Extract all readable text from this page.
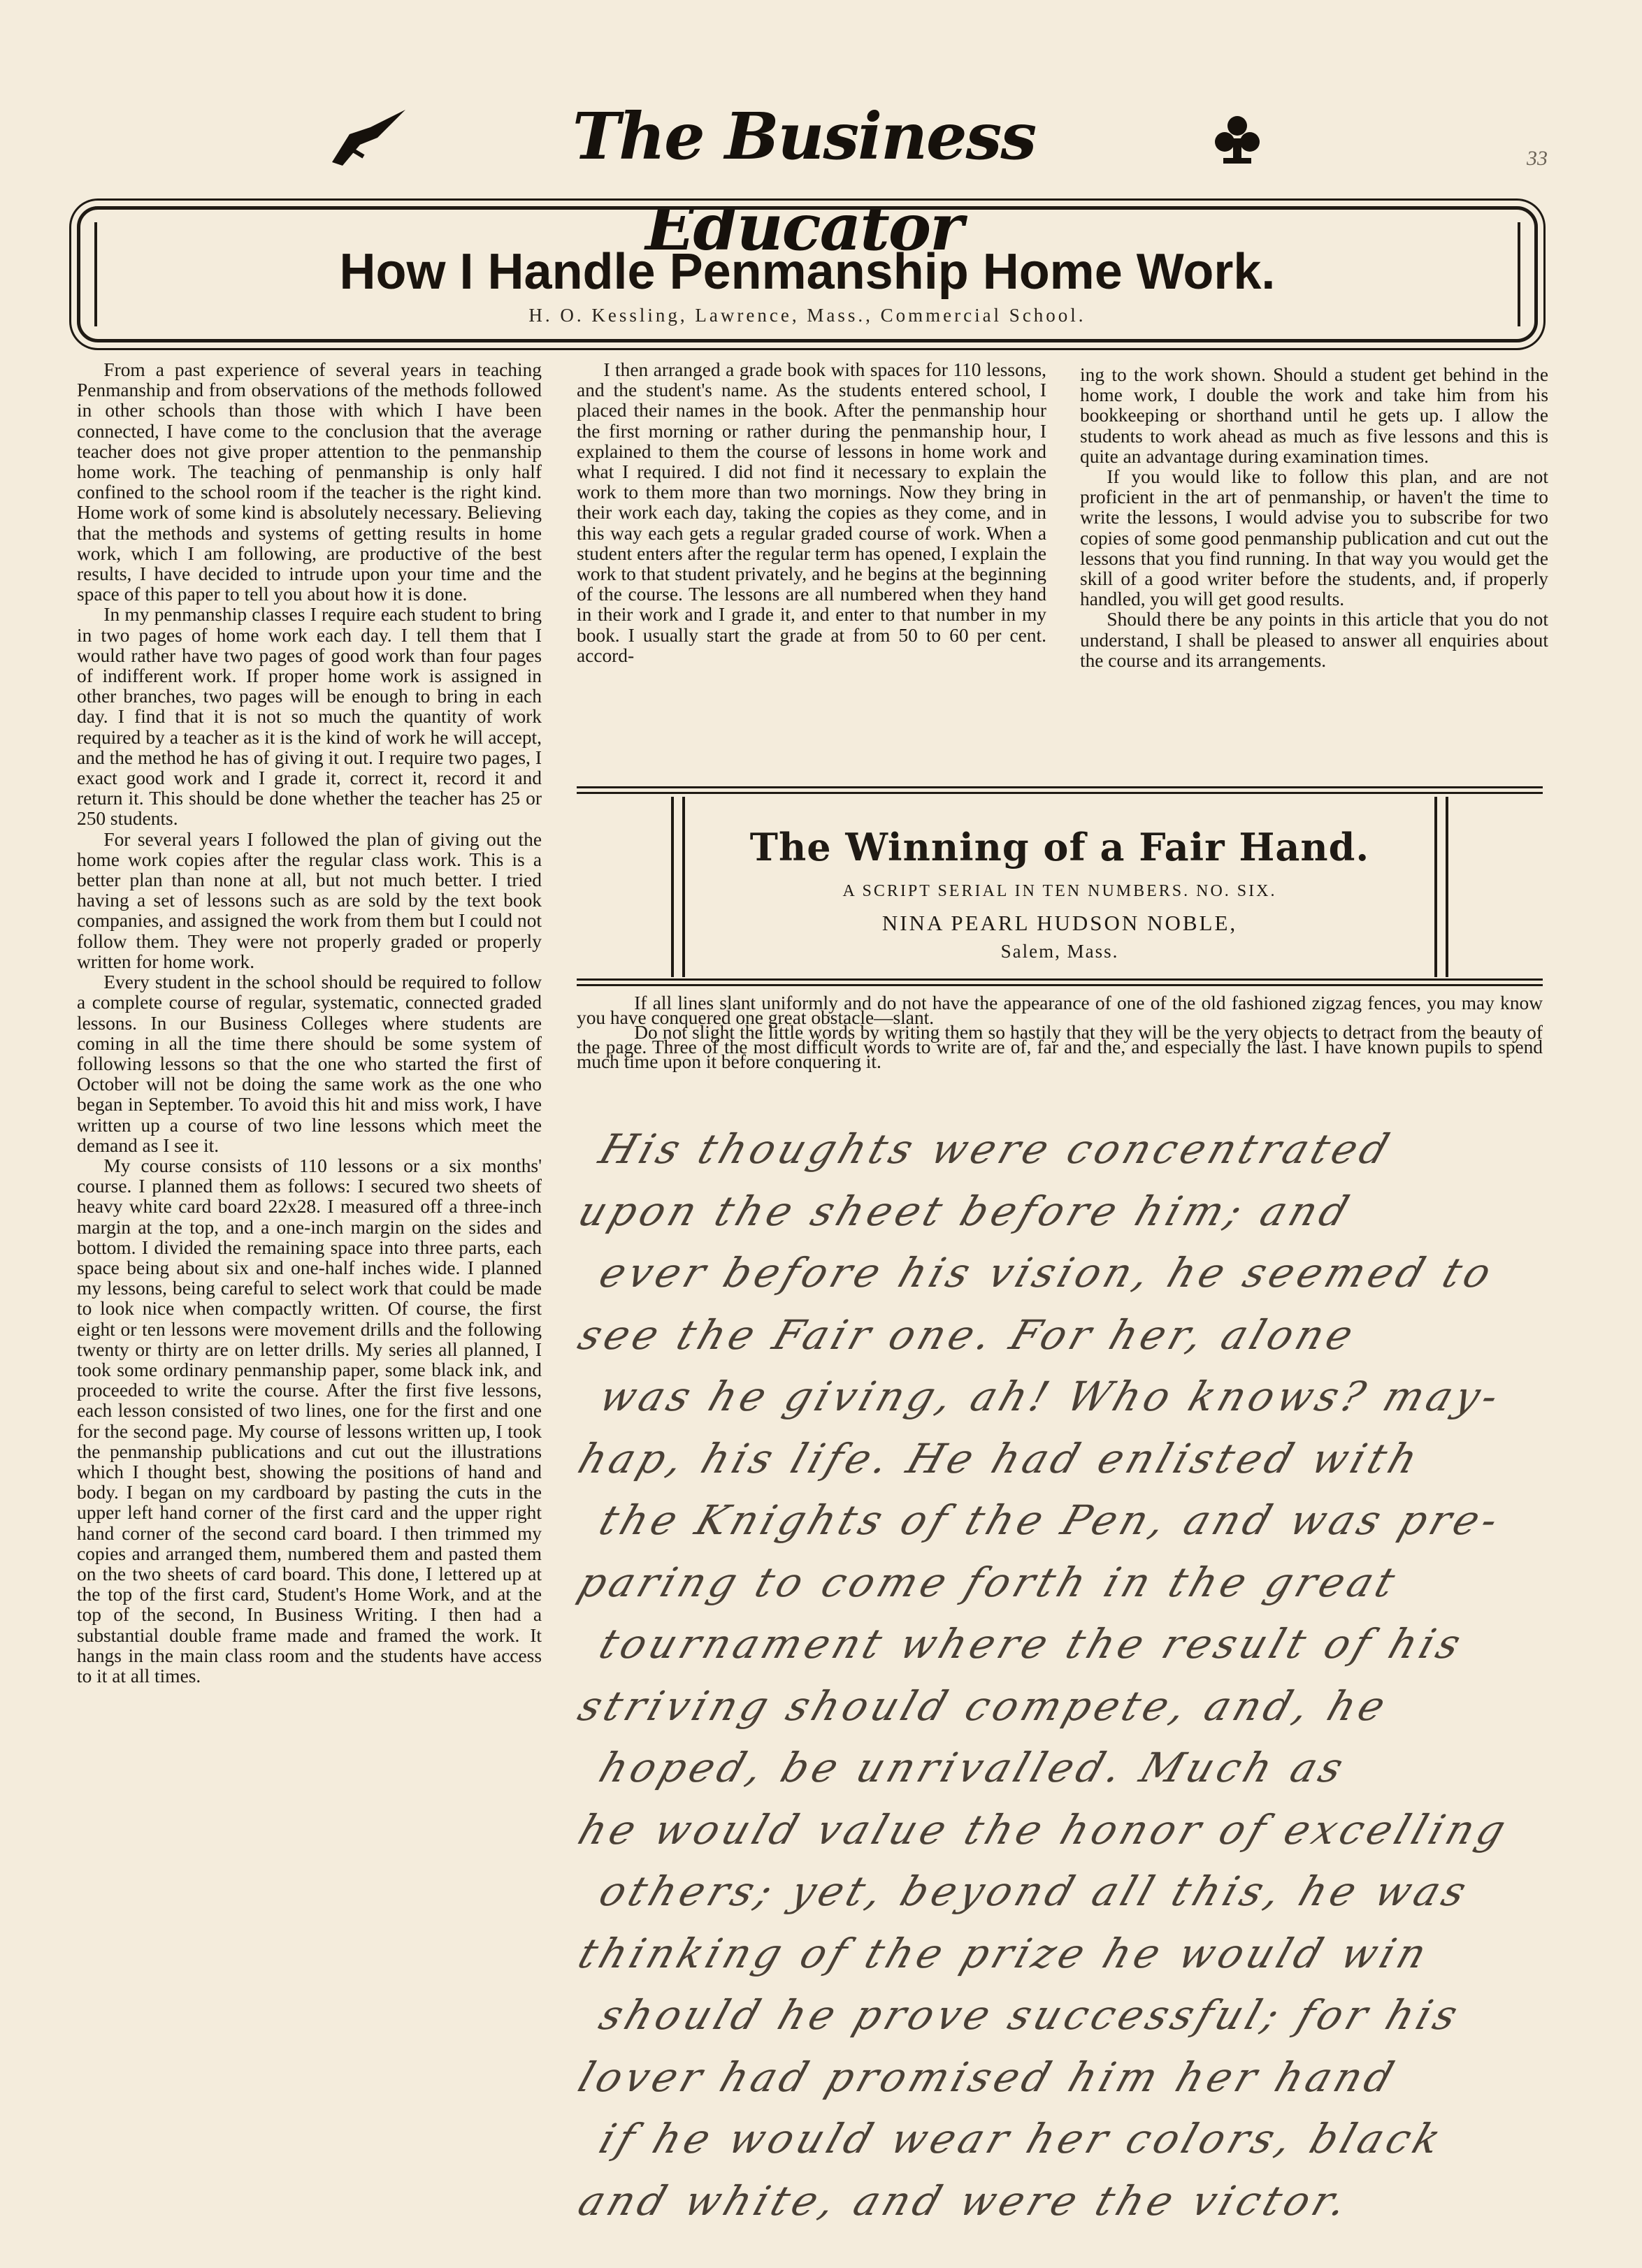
The Business Educator
33
How I Handle Penmanship Home Work.
H. O. Kessling, Lawrence, Mass., Commercial School.

From a past experience of several years in teaching Penmanship and from observations of the methods followed in other schools than those with which I have been connected, I have come to the conclusion that the average teacher does not give proper attention to the penmanship home work. The teaching of penmanship is only half confined to the school room if the teacher is the right kind. Home work of some kind is absolutely necessary. Believing that the methods and systems of getting results in home work, which I am following, are productive of the best results, I have decided to intrude upon your time and the space of this paper to tell you about how it is done.

In my penmanship classes I require each student to bring in two pages of home work each day. I tell them that I would rather have two pages of good work than four pages of indifferent work. If proper home work is assigned in other branches, two pages will be enough to bring in each day. I find that it is not so much the quantity of work required by a teacher as it is the kind of work he will accept, and the method he has of giving it out. I require two pages, I exact good work and I grade it, correct it, record it and return it. This should be done whether the teacher has 25 or 250 students.

For several years I followed the plan of giving out the home work copies after the regular class work. This is a better plan than none at all, but not much better. I tried having a set of lessons such as are sold by the text book companies, and assigned the work from them but I could not follow them. They were not properly graded or properly written for home work.

Every student in the school should be required to follow a complete course of regular, systematic, connected graded lessons. In our Business Colleges where students are coming in all the time there should be some system of following lessons so that the one who started the first of October will not be doing the same work as the one who began in September. To avoid this hit and miss work, I have written up a course of two line lessons which meet the demand as I see it.

My course consists of 110 lessons or a six months' course. I planned them as follows: I secured two sheets of heavy white card board 22x28. I measured off a three-inch margin at the top, and a one-inch margin on the sides and bottom. I divided the remaining space into three parts, each space being about six and one-half inches wide. I planned my lessons, being careful to select work that could be made to look nice when compactly written. Of course, the first eight or ten lessons were movement drills and the following twenty or thirty are on letter drills. My series all planned, I took some ordinary penmanship paper, some black ink, and proceeded to write the course. After the first five lessons, each lesson consisted of two lines, one for the first and one for the second page. My course of lessons written up, I took the penmanship publications and cut out the illustrations which I thought best, showing the positions of hand and body. I began on my cardboard by pasting the cuts in the upper left hand corner of the first card and the upper right hand corner of the second card board. I then trimmed my copies and arranged them, numbered them and pasted them on the two sheets of card board. This done, I lettered up at the top of the first card, Student's Home Work, and at the top of the second, In Business Writing. I then had a substantial double frame made and framed the work. It hangs in the main class room and the students have access to it at all times.

I then arranged a grade book with spaces for 110 lessons, and the student's name. As the students entered school, I placed their names in the book. After the penmanship hour the first morning or rather during the penmanship hour, I explained to them the course of lessons in home work and what I required. I did not find it necessary to explain the work to them more than two mornings. Now they bring in their work each day, taking the copies as they come, and in this way each gets a regular graded course of work. When a student enters after the regular term has opened, I explain the work to that student privately, and he begins at the beginning of the course. The lessons are all numbered when they hand in their work and I grade it, and enter to that number in my book. I usually start the grade at from 50 to 60 per cent. accord-

ing to the work shown. Should a student get behind in the home work, I double the work and take him from his bookkeeping or shorthand until he gets up. I allow the students to work ahead as much as five lessons and this is quite an advantage during examination times.

If you would like to follow this plan, and are not proficient in the art of penmanship, or haven't the time to write the lessons, I would advise you to subscribe for two copies of some good penmanship publication and cut out the lessons that you find running. In that way you would get the skill of a good writer before the students, and, if properly handled, you will get good results.

Should there be any points in this article that you do not understand, I shall be pleased to answer all enquiries about the course and its arrangements.

The Winning of a Fair Hand.
A SCRIPT SERIAL IN TEN NUMBERS. NO. SIX.
NINA PEARL HUDSON NOBLE,
Salem, Mass.

If all lines slant uniformly and do not have the appearance of one of the old fashioned zigzag fences, you may know you have conquered one great obstacle—slant.

Do not slight the little words by writing them so hastily that they will be the very objects to detract from the beauty of the page. Three of the most difficult words to write are of, far and the, and especially the last. I have known pupils to spend much time upon it before conquering it.

His thoughts were concentrated
upon the sheet before him; and
ever before his vision, he seemed to
see the Fair one. For her, alone
was he giving, ah! Who knows? may-
hap, his life. He had enlisted with
the Knights of the Pen, and was pre-
paring to come forth in the great
tournament where the result of his
striving should compete, and, he
hoped, be unrivalled. Much as
he would value the honor of excelling
others; yet, beyond all this, he was
thinking of the prize he would win
should he prove successful; for his
lover had promised him her hand
if he would wear her colors, black
and white, and were the victor.
